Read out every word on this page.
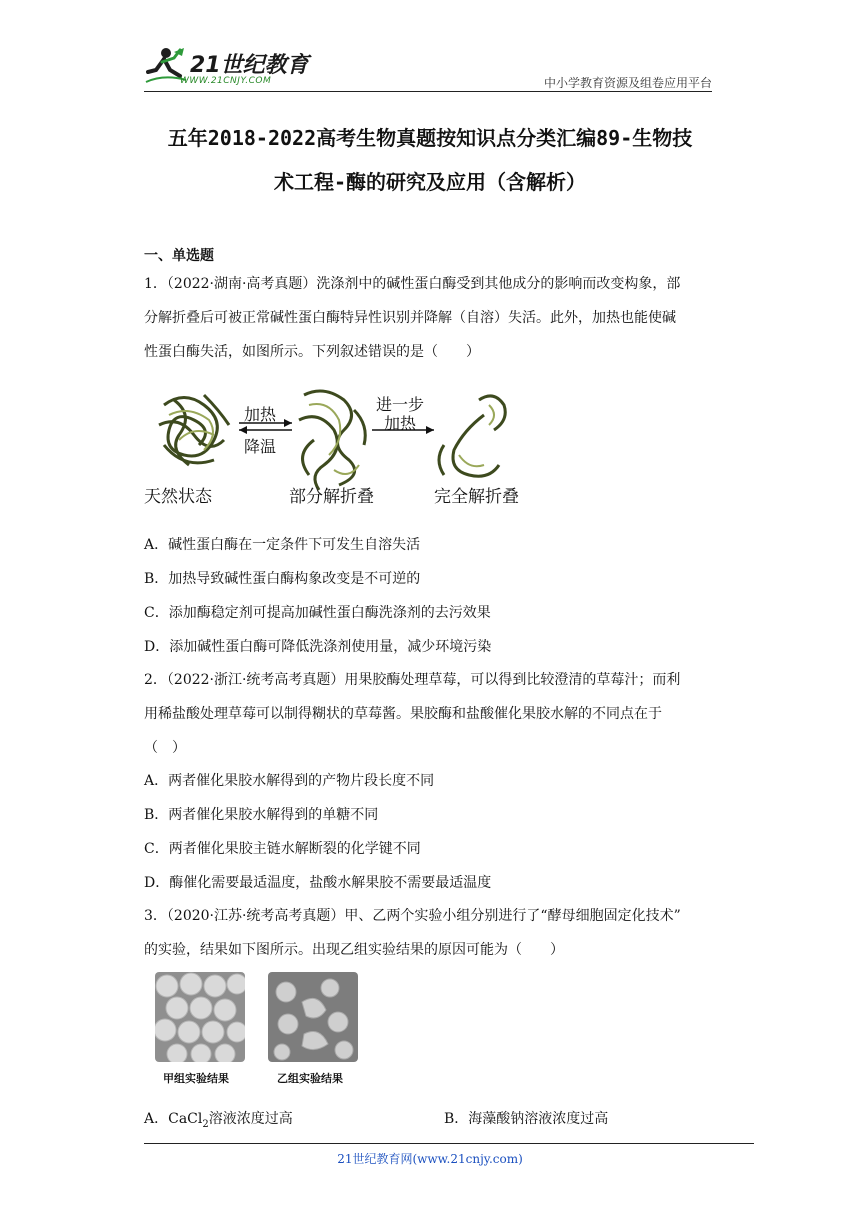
21世纪教育
WWW.21CNJY.COM	中小学教育资源及组卷应用平台
五年2018-2022高考生物真题按知识点分类汇编89-生物技
术工程-酶的研究及应用（含解析）
一、单选题
1．（2022·湖南·高考真题）洗涤剂中的碱性蛋白酶受到其他成分的影响而改变构象，部
分解折叠后可被正常碱性蛋白酶特异性识别并降解（自溶）失活。此外，加热也能使碱
性蛋白酶失活，如图所示。下列叙述错误的是（　　）
加热
降温
进一步
加热
天然状态	部分解折叠	完全解折叠
A．碱性蛋白酶在一定条件下可发生自溶失活
B．加热导致碱性蛋白酶构象改变是不可逆的
C．添加酶稳定剂可提高加碱性蛋白酶洗涤剂的去污效果
D．添加碱性蛋白酶可降低洗涤剂使用量，减少环境污染
2．（2022·浙江·统考高考真题）用果胶酶处理草莓，可以得到比较澄清的草莓汁；而利
用稀盐酸处理草莓可以制得糊状的草莓酱。果胶酶和盐酸催化果胶水解的不同点在于
（　）
A．两者催化果胶水解得到的产物片段长度不同
B．两者催化果胶水解得到的单糖不同
C．两者催化果胶主链水解断裂的化学键不同
D．酶催化需要最适温度，盐酸水解果胶不需要最适温度
3．（2020·江苏·统考高考真题）甲、乙两个实验小组分别进行了“酵母细胞固定化技术”
的实验，结果如下图所示。出现乙组实验结果的原因可能为（　　）
甲组实验结果	乙组实验结果
A．CaCl$_2$溶液浓度过高	B．海藻酸钠溶液浓度过高
21世纪教育网(www.21cnjy.com)
